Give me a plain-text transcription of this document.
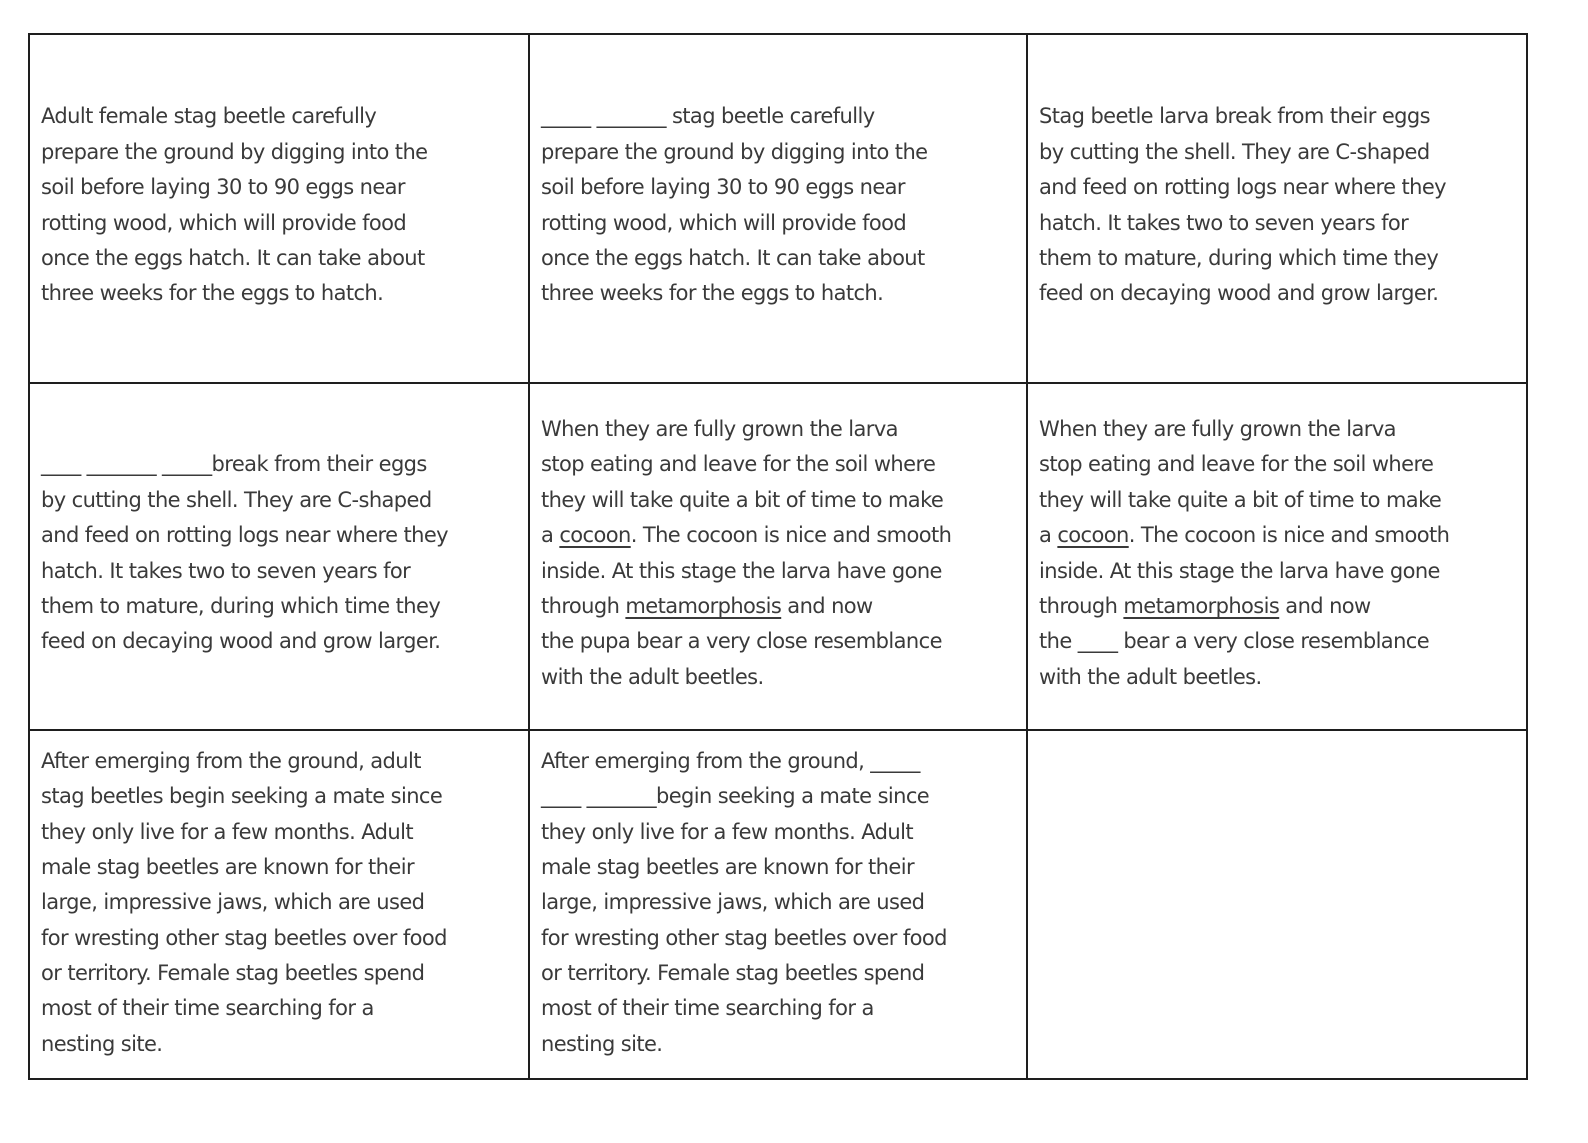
Adult female stag beetle carefully
prepare the ground by digging into the
soil before laying 30 to 90 eggs near
rotting wood, which will provide food
once the eggs hatch. It can take about
three weeks for the eggs to hatch.
_____ _______ stag beetle carefully
prepare the ground by digging into the
soil before laying 30 to 90 eggs near
rotting wood, which will provide food
once the eggs hatch. It can take about
three weeks for the eggs to hatch.
Stag beetle larva break from their eggs
by cutting the shell. They are C-shaped
and feed on rotting logs near where they
hatch. It takes two to seven years for
them to mature, during which time they
feed on decaying wood and grow larger.
____ _______ _____break from their eggs
by cutting the shell. They are C-shaped
and feed on rotting logs near where they
hatch. It takes two to seven years for
them to mature, during which time they
feed on decaying wood and grow larger.
When they are fully grown the larva
stop eating and leave for the soil where
they will take quite a bit of time to make
a cocoon. The cocoon is nice and smooth
inside. At this stage the larva have gone
through metamorphosis and now
the pupa bear a very close resemblance
with the adult beetles.
When they are fully grown the larva
stop eating and leave for the soil where
they will take quite a bit of time to make
a cocoon. The cocoon is nice and smooth
inside. At this stage the larva have gone
through metamorphosis and now
the ____ bear a very close resemblance
with the adult beetles.
After emerging from the ground, adult
stag beetles begin seeking a mate since
they only live for a few months. Adult
male stag beetles are known for their
large, impressive jaws, which are used
for wresting other stag beetles over food
or territory. Female stag beetles spend
most of their time searching for a
nesting site.
After emerging from the ground, _____
____ _______begin seeking a mate since
they only live for a few months. Adult
male stag beetles are known for their
large, impressive jaws, which are used
for wresting other stag beetles over food
or territory. Female stag beetles spend
most of their time searching for a
nesting site.
